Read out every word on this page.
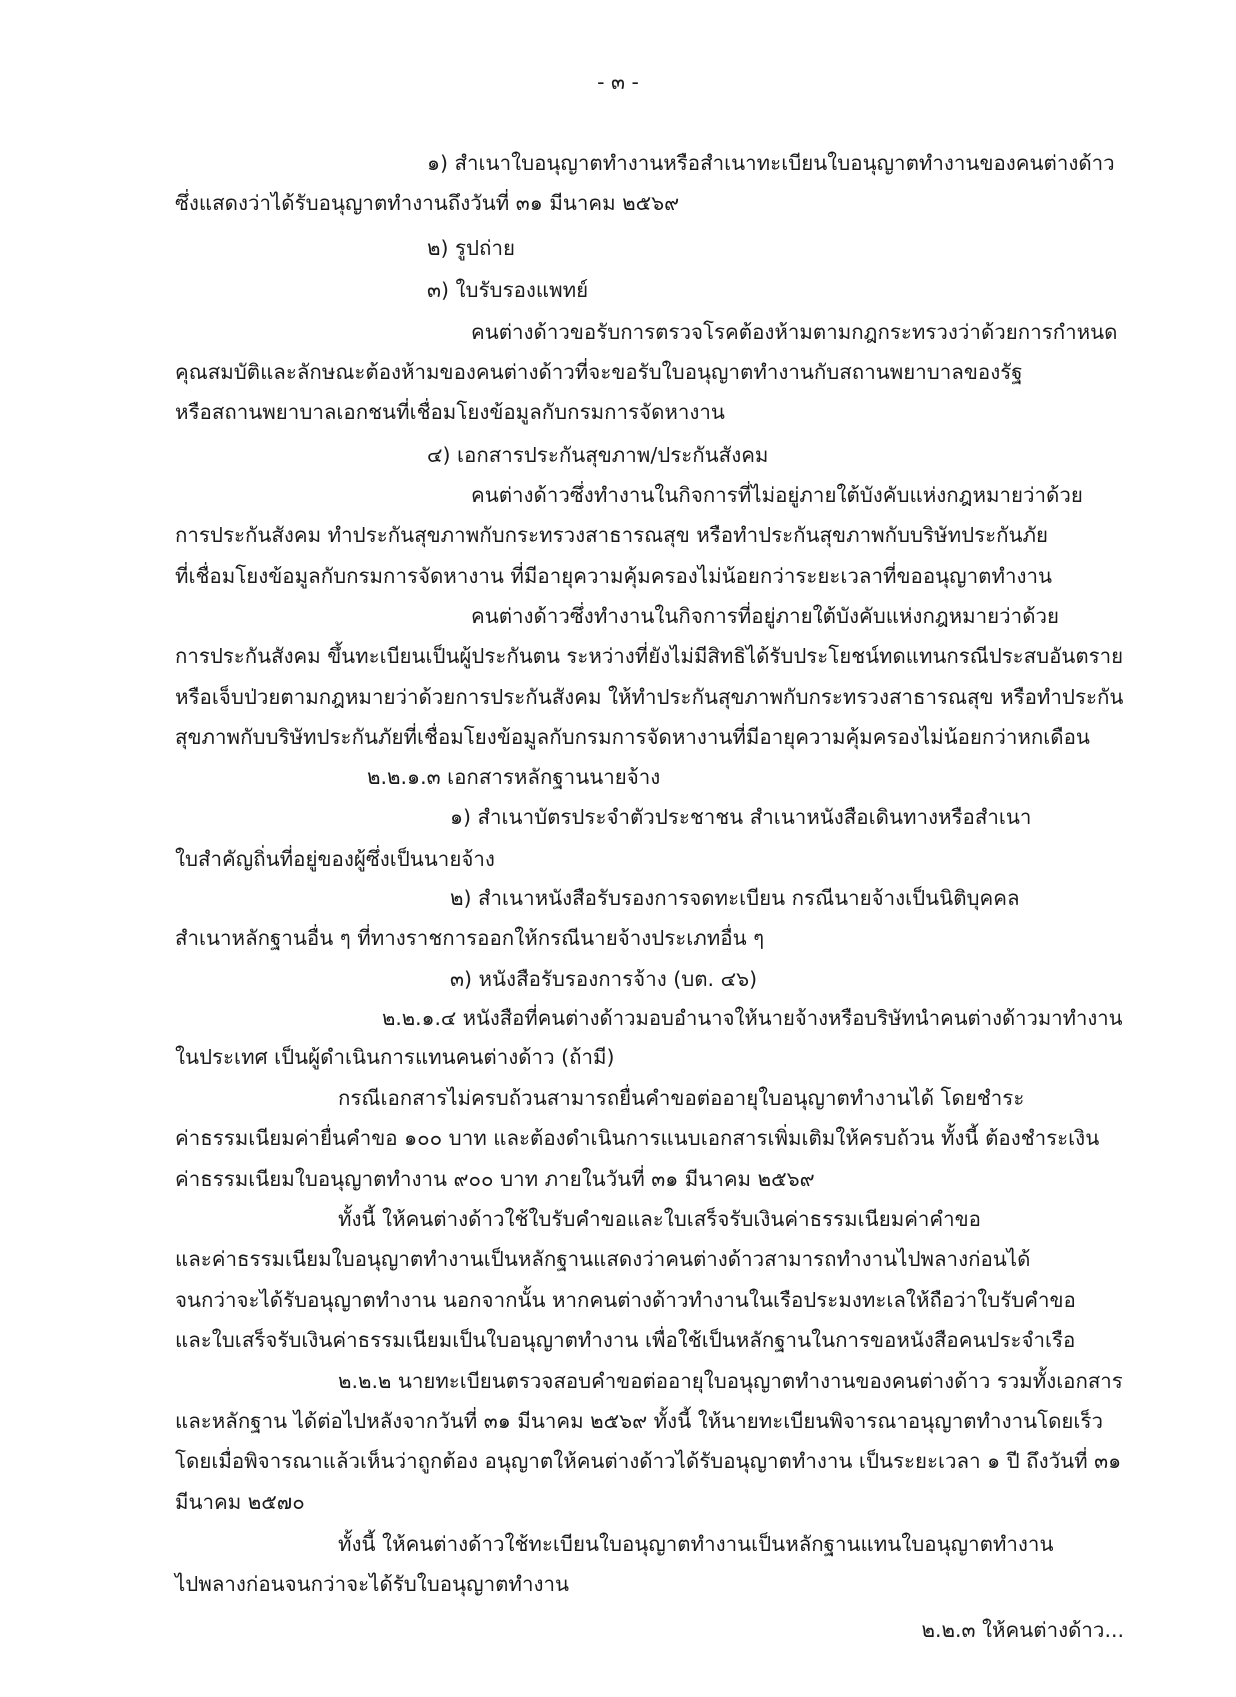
- ๓ -
๑) สำเนาใบอนุญาตทำงานหรือสำเนาทะเบียนใบอนุญาตทำงานของคนต่างด้าว
ซึ่งแสดงว่าได้รับอนุญาตทำงานถึงวันที่ ๓๑ มีนาคม ๒๕๖๙
๒) รูปถ่าย
๓) ใบรับรองแพทย์
คนต่างด้าวขอรับการตรวจโรคต้องห้ามตามกฎกระทรวงว่าด้วยการกำหนด
คุณสมบัติและลักษณะต้องห้ามของคนต่างด้าวที่จะขอรับใบอนุญาตทำงานกับสถานพยาบาลของรัฐ
หรือสถานพยาบาลเอกชนที่เชื่อมโยงข้อมูลกับกรมการจัดหางาน
๔) เอกสารประกันสุขภาพ/ประกันสังคม
คนต่างด้าวซึ่งทำงานในกิจการที่ไม่อยู่ภายใต้บังคับแห่งกฎหมายว่าด้วย
การประกันสังคม ทำประกันสุขภาพกับกระทรวงสาธารณสุข หรือทำประกันสุขภาพกับบริษัทประกันภัย
ที่เชื่อมโยงข้อมูลกับกรมการจัดหางาน ที่มีอายุความคุ้มครองไม่น้อยกว่าระยะเวลาที่ขออนุญาตทำงาน
คนต่างด้าวซึ่งทำงานในกิจการที่อยู่ภายใต้บังคับแห่งกฎหมายว่าด้วย
การประกันสังคม ขึ้นทะเบียนเป็นผู้ประกันตน ระหว่างที่ยังไม่มีสิทธิได้รับประโยชน์ทดแทนกรณีประสบอันตราย
หรือเจ็บป่วยตามกฎหมายว่าด้วยการประกันสังคม ให้ทำประกันสุขภาพกับกระทรวงสาธารณสุข หรือทำประกัน
สุขภาพกับบริษัทประกันภัยที่เชื่อมโยงข้อมูลกับกรมการจัดหางานที่มีอายุความคุ้มครองไม่น้อยกว่าหกเดือน
๒.๒.๑.๓ เอกสารหลักฐานนายจ้าง
๑) สำเนาบัตรประจำตัวประชาชน สำเนาหนังสือเดินทางหรือสำเนา
ใบสำคัญถิ่นที่อยู่ของผู้ซึ่งเป็นนายจ้าง
๒) สำเนาหนังสือรับรองการจดทะเบียน กรณีนายจ้างเป็นนิติบุคคล
สำเนาหลักฐานอื่น ๆ ที่ทางราชการออกให้กรณีนายจ้างประเภทอื่น ๆ
๓) หนังสือรับรองการจ้าง (บต. ๔๖)
๒.๒.๑.๔ หนังสือที่คนต่างด้าวมอบอำนาจให้นายจ้างหรือบริษัทนำคนต่างด้าวมาทำงาน
ในประเทศ เป็นผู้ดำเนินการแทนคนต่างด้าว (ถ้ามี)
กรณีเอกสารไม่ครบถ้วนสามารถยื่นคำขอต่ออายุใบอนุญาตทำงานได้ โดยชำระ
ค่าธรรมเนียมค่ายื่นคำขอ ๑๐๐ บาท และต้องดำเนินการแนบเอกสารเพิ่มเติมให้ครบถ้วน ทั้งนี้ ต้องชำระเงิน
ค่าธรรมเนียมใบอนุญาตทำงาน ๙๐๐ บาท ภายในวันที่ ๓๑ มีนาคม ๒๕๖๙
ทั้งนี้ ให้คนต่างด้าวใช้ใบรับคำขอและใบเสร็จรับเงินค่าธรรมเนียมค่าคำขอ
และค่าธรรมเนียมใบอนุญาตทำงานเป็นหลักฐานแสดงว่าคนต่างด้าวสามารถทำงานไปพลางก่อนได้
จนกว่าจะได้รับอนุญาตทำงาน นอกจากนั้น หากคนต่างด้าวทำงานในเรือประมงทะเลให้ถือว่าใบรับคำขอ
และใบเสร็จรับเงินค่าธรรมเนียมเป็นใบอนุญาตทำงาน เพื่อใช้เป็นหลักฐานในการขอหนังสือคนประจำเรือ
๒.๒.๒ นายทะเบียนตรวจสอบคำขอต่ออายุใบอนุญาตทำงานของคนต่างด้าว รวมทั้งเอกสาร
และหลักฐาน ได้ต่อไปหลังจากวันที่ ๓๑ มีนาคม ๒๕๖๙ ทั้งนี้ ให้นายทะเบียนพิจารณาอนุญาตทำงานโดยเร็ว
โดยเมื่อพิจารณาแล้วเห็นว่าถูกต้อง อนุญาตให้คนต่างด้าวได้รับอนุญาตทำงาน เป็นระยะเวลา ๑ ปี ถึงวันที่ ๓๑
มีนาคม ๒๕๗๐
ทั้งนี้ ให้คนต่างด้าวใช้ทะเบียนใบอนุญาตทำงานเป็นหลักฐานแทนใบอนุญาตทำงาน
ไปพลางก่อนจนกว่าจะได้รับใบอนุญาตทำงาน
๒.๒.๓ ให้คนต่างด้าว...
